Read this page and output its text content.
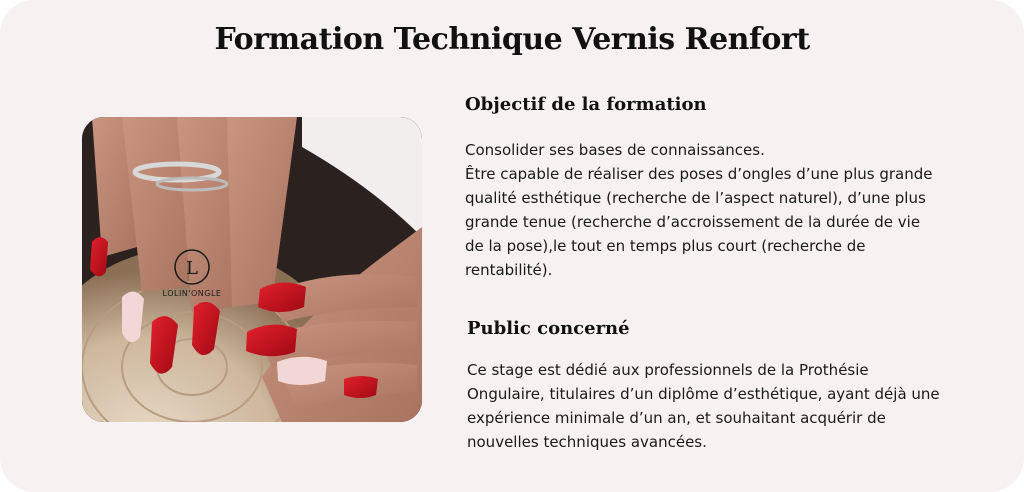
Formation Technique Vernis Renfort
L
LOLIN'ONGLE
Objectif de la formation
Consolider ses bases de connaissances.
Être capable de réaliser des poses d’ongles d’une plus grande
qualité esthétique (recherche de l’aspect naturel), d’une plus
grande tenue (recherche d’accroissement de la durée de vie
de la pose),le tout en temps plus court (recherche de
rentabilité).
Public concerné
Ce stage est dédié aux professionnels de la Prothésie
Ongulaire, titulaires d’un diplôme d’esthétique, ayant déjà une
expérience minimale d’un an, et souhaitant acquérir de
nouvelles techniques avancées.
